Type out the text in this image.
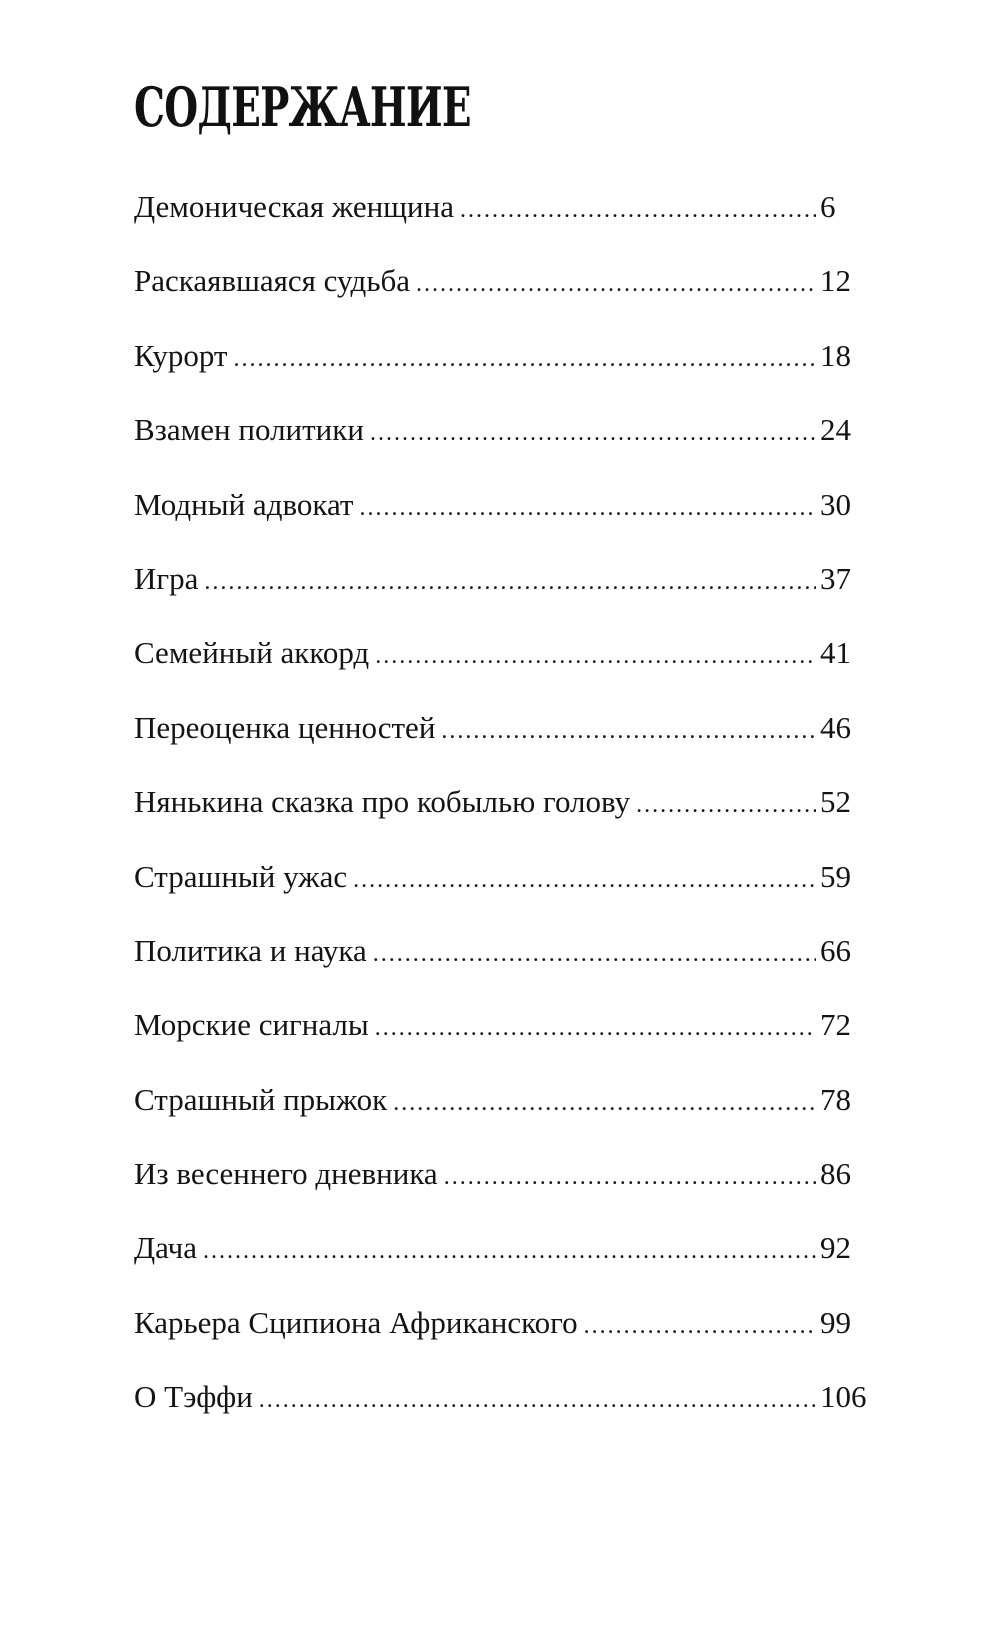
СОДЕРЖАНИЕ
Демоническая женщина .....	6
Раскаявшаяся судьба .....	12
Курорт .....	18
Взамен политики .....	24
Модный адвокат .....	30
Игра .....	37
Семейный аккорд .....	41
Переоценка ценностей .....	46
Нянькина сказка про кобылью голову .....	52
Страшный ужас .....	59
Политика и наука .....	66
Морские сигналы .....	72
Страшный прыжок .....	78
Из весеннего дневника .....	86
Дача .....	92
Карьера Сципиона Африканского .....	99
О Тэффи .....	106
